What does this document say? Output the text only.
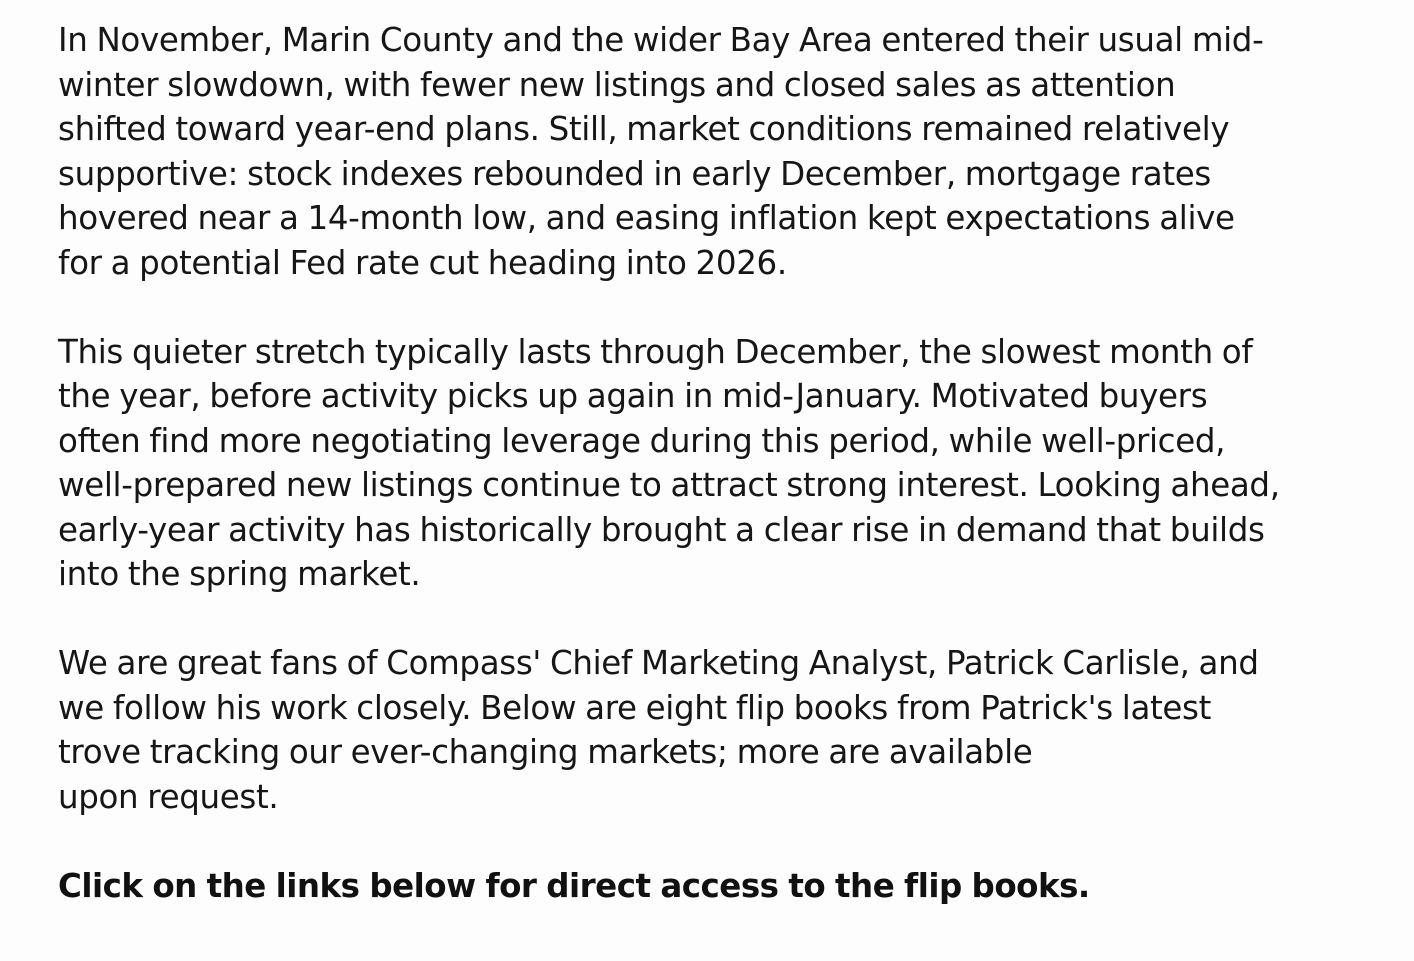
In November, Marin County and the wider Bay Area entered their usual mid-
winter slowdown, with fewer new listings and closed sales as attention
shifted toward year-end plans. Still, market conditions remained relatively
supportive: stock indexes rebounded in early December, mortgage rates
hovered near a 14-month low, and easing inflation kept expectations alive
for a potential Fed rate cut heading into 2026.

This quieter stretch typically lasts through December, the slowest month of
the year, before activity picks up again in mid-January. Motivated buyers
often find more negotiating leverage during this period, while well-priced,
well-prepared new listings continue to attract strong interest. Looking ahead,
early-year activity has historically brought a clear rise in demand that builds
into the spring market.

We are great fans of Compass' Chief Marketing Analyst, Patrick Carlisle, and
we follow his work closely. Below are eight flip books from Patrick's latest
trove tracking our ever-changing markets; more are available
upon request.

Click on the links below for direct access to the flip books.
